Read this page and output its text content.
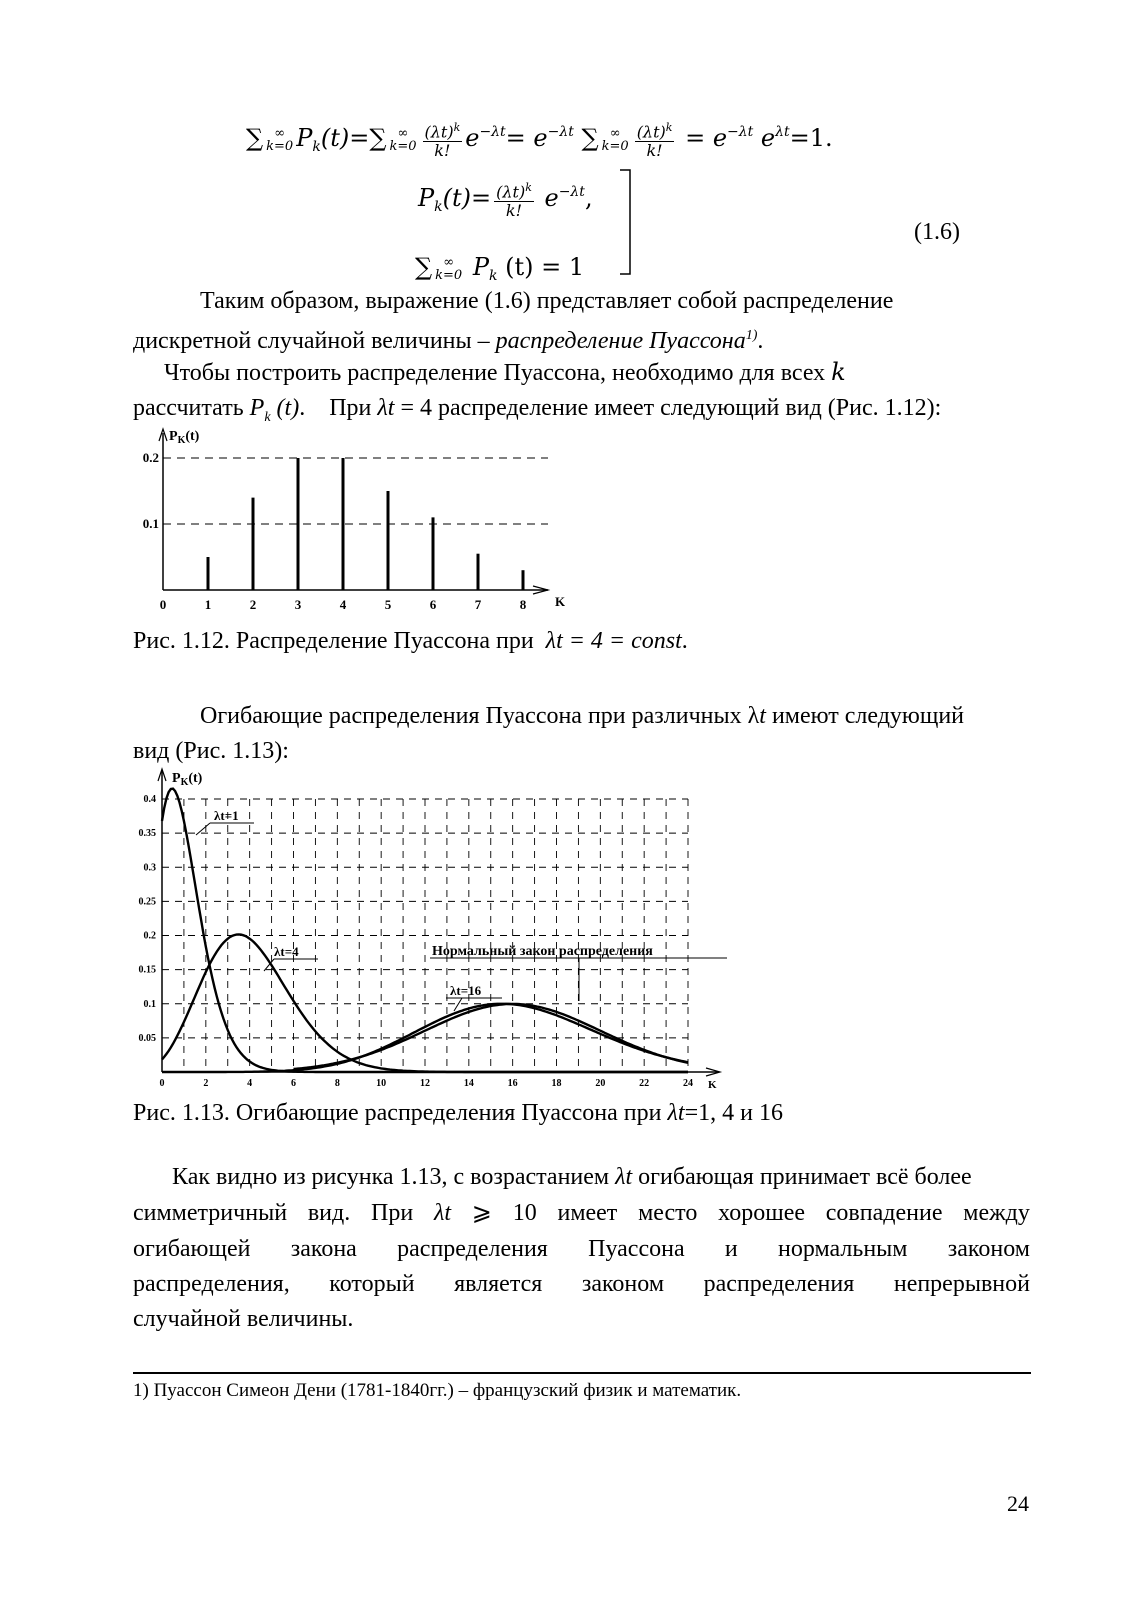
∑ ∞
k=0 $P_k(t)=\sum$ ∞
$k=0 \frac{(\lambda t)^k}{k!} e^{-\lambda t}= e^{-\lambda t}$ ∑ ∞
$k=0 \frac{(\lambda t)^k}{k!} = e^{-\lambda t}$ $e^{\lambda t}=1$.
$P_k(t)= \frac{(\lambda t)^k}{k!} e^{-\lambda t}$,
∑ ∞
k=0 $P_k$ (t) = 1
(1.6)
Таким образом, выражение (1.6) представляет собой распределение
дискретной случайной величины – распределение Пуассона$^{1)}$.
Чтобы построить распределение Пуассона, необходимо для всех k
рассчитать $P_k$ (t).    При λt = 4 распределение имеет следующий вид (Рис. 1.12):
0.1
0.2
0	1	2	3	4	5	6	7	8
$P_K(t)$
K
Рис. 1.12. Распределение Пуассона при λt = 4 = const.
Огибающие распределения Пуассона при различных λt имеют следующий
вид (Рис. 1.13):
0.05
0.1
0.15
0.2
0.25
0.3
0.35
0.4
0	2	4	6	8	10	12	14	16	18	20	22	24
λt=1
λt=4
λt=16
Нормальный закон распределения
$P_K(t)$
K
Рис. 1.13. Огибающие распределения Пуассона при λt=1, 4 и 16
Как видно из рисунка 1.13, с возрастанием λt огибающая принимает всё более
симметричный вид. При λt ⩾ 10 имеет место хорошее совпадение между
огибающей закона распределения Пуассона и нормальным законом
распределения, который является законом распределения непрерывной
случайной величины.
1) Пуассон Симеон Дени (1781-1840гг.) – французский физик и математик.
24
